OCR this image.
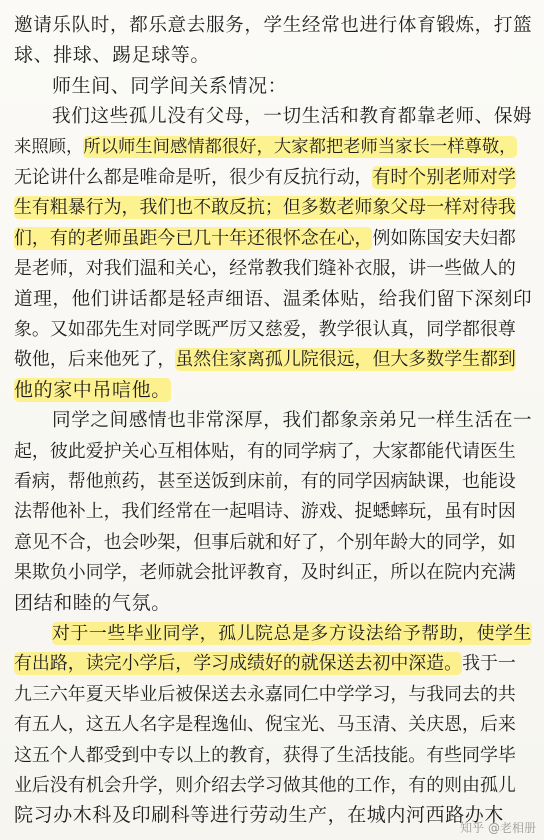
邀请乐队时，都乐意去服务，学生经常也进行体育锻炼，打篮

球、排球、踢足球等。

师生间、同学间关系情况：

我们这些孤儿没有父母，一切生活和教育都靠老师、保姆

来照顾，所以师生间感情都很好，大家都把老师当家长一样尊敬，

无论讲什么都是唯命是听，很少有反抗行动，有时个别老师对学

生有粗暴行为，我们也不敢反抗；但多数老师象父母一样对待我

们，有的老师虽距今已几十年还很怀念在心，例如陈国安夫妇都

是老师，对我们温和关心，经常教我们缝补衣服，讲一些做人的

道理，他们讲话都是轻声细语、温柔体贴，给我们留下深刻印

象。又如邵先生对同学既严厉又慈爱，教学很认真，同学都很尊

敬他，后来他死了，虽然住家离孤儿院很远，但大多数学生都到

他的家中吊唁他。

同学之间感情也非常深厚，我们都象亲弟兄一样生活在一

起，彼此爱护关心互相体贴，有的同学病了，大家都能代请医生

看病，帮他煎药，甚至送饭到床前，有的同学因病缺课，也能设

法帮他补上，我们经常在一起唱诗、游戏、捉蟋蟀玩，虽有时因

意见不合，也会吵架，但事后就和好了，个别年龄大的同学，如

果欺负小同学，老师就会批评教育，及时纠正，所以在院内充满

团结和睦的气氛。

对于一些毕业同学，孤儿院总是多方设法给予帮助，使学生

有出路，读完小学后，学习成绩好的就保送去初中深造。我于一

九三六年夏天毕业后被保送去永嘉同仁中学学习，与我同去的共

有五人，这五人名字是程逸仙、倪宝光、马玉清、关庆恩，后来

这五个人都受到中专以上的教育，获得了生活技能。有些同学毕

业后没有机会升学，则介绍去学习做其他的工作，有的则由孤儿

院习办木科及印刷科等进行劳动生产，在城内河西路办木

知乎 @老相册
